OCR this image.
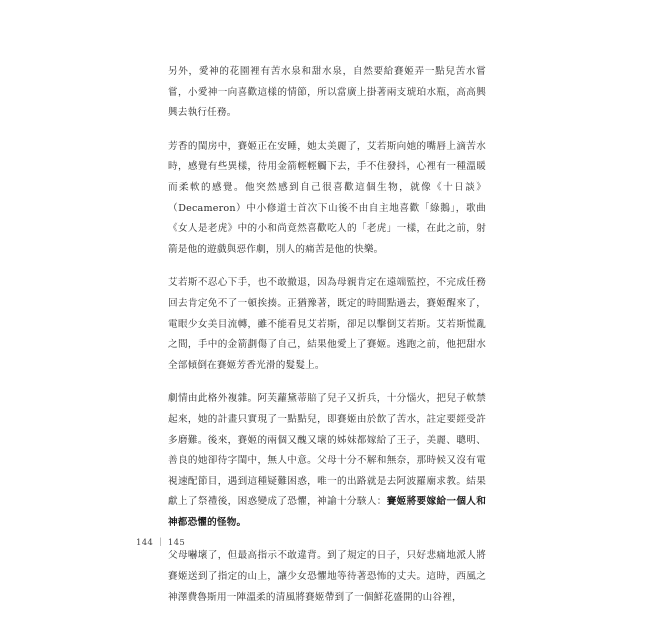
另外，愛神的花園裡有苦水泉和甜水泉，自然要給賽姬弄一點兒苦水嘗嘗，小愛神一向喜歡這樣的情節，所以當廣上掛著兩支琥珀水瓶，高高興興去執行任務。

芳香的閨房中，賽姬正在安睡，她太美麗了，艾若斯向她的嘴唇上滴苦水時，感覺有些異樣，待用金箭輕輕觸下去，手不住發抖，心裡有一種溫暖而柔軟的感覺。他突然感到自己很喜歡這個生物，就像《十日談》（Decameron）中小修道士首次下山後不由自主地喜歡「綠鵝」，歌曲《女人是老虎》中的小和尚竟然喜歡吃人的「老虎」一樣，在此之前，射箭是他的遊戲與惡作劇，別人的痛苦是他的快樂。

艾若斯不忍心下手，也不敢撤退，因為母親肯定在遠端監控，不完成任務回去肯定免不了一頓挨揍。正猶豫著，既定的時間點過去，賽姬醒來了，電眼少女美目流轉，雖不能看見艾若斯，卻足以擊倒艾若斯。艾若斯慌亂之間，手中的金箭劃傷了自己，結果他愛上了賽姬。逃跑之前，他把甜水全部傾倒在賽姬芳香光滑的髮髮上。

劇情由此格外複雜。阿芙蘿黛蒂賠了兒子又折兵，十分惱火，把兒子軟禁起來，她的計畫只實現了一點點兒，即賽姬由於飲了苦水，註定要經受許多磨難。後來，賽姬的兩個又醜又壞的姊妹都嫁給了王子，美麗、聰明、善良的她卻待字閨中，無人中意。父母十分不解和無奈，那時候又沒有電視速配節目，遇到這種疑難困惑，唯一的出路就是去阿波羅廟求教。結果獻上了祭禮後，困惑變成了恐懼，神諭十分駭人：賽姬將要嫁給一個人和神都恐懼的怪物。

父母嚇壞了，但最高指示不敢違背。到了規定的日子，只好悲痛地派人將賽姬送到了指定的山上，讓少女恐懼地等待著恐怖的丈夫。這時，西風之神澤費魯斯用一陣溫柔的清風將賽姬帶到了一個鮮花盛開的山谷裡，

144 ｜ 145
